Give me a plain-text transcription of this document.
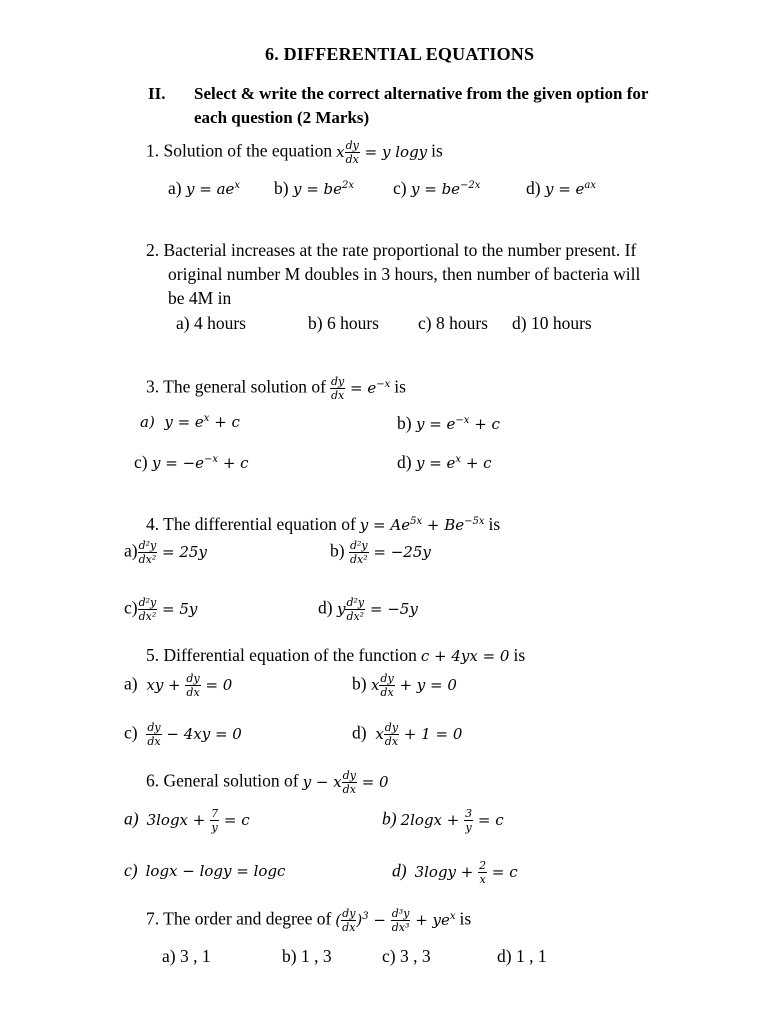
6. DIFFERENTIAL EQUATIONS
II. Select & write the correct alternative from the given option for
each question (2 Marks)
1. Solution of the equation x $\frac{dy}{dx} = y$ logy is
a) $y = ae^x$ b) $y = be^{2x}$ c) $y = be^{-2x}$	d) $y = e^{ax}$
2. Bacterial increases at the rate proportional to the number present. If
original number M doubles in 3 hours, then number of bacteria will
be 4M in
a) 4 hours	b) 6 hours c) 8 hours d) 10 hours
3. The general solution of $\frac{dy}{dx} = e^{-x}$ is
a)  $y = e^x + c$	b) $y = e^{-x} + c$
c) $y = -e^{-x} + c$	d) $y = e^x + c$
4. The differential equation of $y = Ae^{5x} + Be^{-5x}$ is
$a) \frac{\text{d²y}}{\text{dx²}} = 25y$	$b) \frac{\text{d²y}}{\text{dx²}} = -25y$
$c) \frac{\text{d²y}}{\text{dx²}} = 5y$	d) y $\frac{\text{d²y}}{\text{dx²}} = -5y$
5. Differential equation of the function c + 4yx = 0 is
a)  xy + $\frac{dy}{dx} = 0$	b) x $\frac{dy}{dx} + y = 0$
$c) \frac{dy}{dx} - 4xy = 0$	d)  x $\frac{dy}{dx} + 1 = 0$
6. General solution of y − x $\frac{dy}{dx} = 0$
a) $3\log x + \frac{7}{y} = c$	b) $2\log x + \frac{3}{y} = c$
c) logx − logy = logc	d) $3\log y + \frac{2}{x} = c$
7. The order and degree of ( $\frac{dy}{dx} )^3 - \frac{\text{d³y}}{\text{dx³}} + ye^x$ is
a) 3 , 1	b) 1 , 3	c) 3 , 3	d) 1 , 1
